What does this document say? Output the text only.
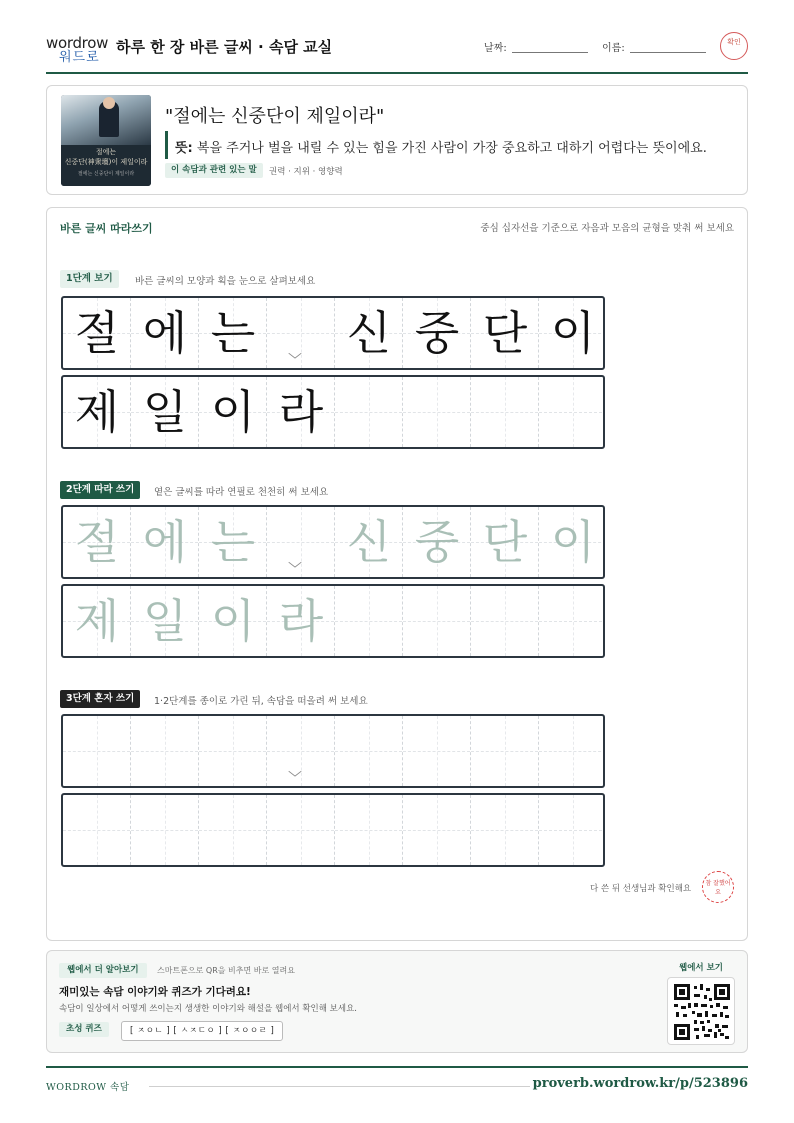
wordrow
워드로
하루 한 장 바른 글씨 · 속담 교실	날짜:	이름:
확인
절에는
신중단(神衆壇)이 제일이라
절에는 신중단이 제일이라
"절에는 신중단이 제일이라"
뜻: 복을 주거나 벌을 내릴 수 있는 힘을 가진 사람이 가장 중요하고 대하기 어렵다는 뜻이에요.
이 속담과 관련 있는 말	권력 · 지위 · 영향력
바른 글씨 따라쓰기	중심 십자선을 기준으로 자음과 모음의 균형을 맞춰 써 보세요
1단계 보기	바른 글씨의 모양과 획을 눈으로 살펴보세요
절 에 는 신 중 단 이
제 일 이 라
2단계 따라 쓰기	옅은 글씨를 따라 연필로 천천히 써 보세요
절 에 는 신 중 단 이
제 일 이 라
3단계 혼자 쓰기	1·2단계를 종이로 가린 뒤, 속담을 떠올려 써 보세요
다 쓴 뒤 선생님과 확인해요
참 잘했어요
웹에서 더 알아보기	스마트폰으로 QR을 비추면 바로 열려요
재미있는 속담 이야기와 퀴즈가 기다려요!
속담이 일상에서 어떻게 쓰이는지 생생한 이야기와 해설을 웹에서 확인해 보세요.
초성 퀴즈	[ ㅈㅇㄴ ] [ ㅅㅈㄷㅇ ] [ ㅈㅇㅇㄹ ]
웹에서 보기
WORDROW 속담	proverb.wordrow.kr/p/523896
